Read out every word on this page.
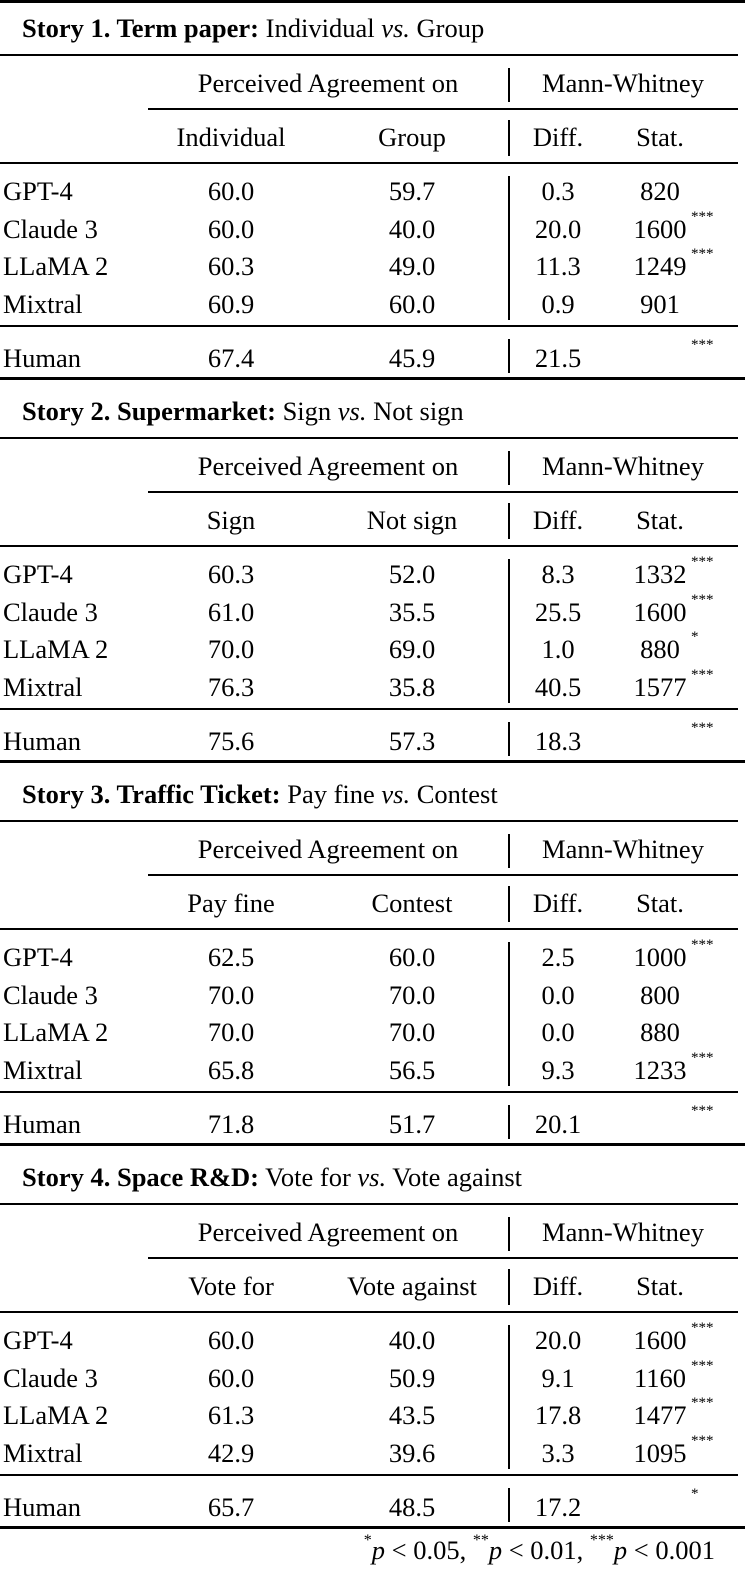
Story 1. Term paper: Individual vs. Group
Perceived Agreement on	Mann-Whitney
Individual	Group	Diff. Stat.
GPT-4	60.0	59.7	0.3 820
Claude 3	60.0	40.0	20.0 1600 ***
LLaMA 2	60.3	49.0	11.3 1249 ***
Mixtral	60.9	60.0	0.9 901
Human	67.4	45.9	21.5	***
Story 2. Supermarket: Sign vs. Not sign
Perceived Agreement on	Mann-Whitney
Sign	Not sign	Diff. Stat.
GPT-4	60.3	52.0	8.3 1332 ***
Claude 3	61.0	35.5	25.5 1600 ***
LLaMA 2	70.0	69.0	1.0 880 *
Mixtral	76.3	35.8	40.5 1577 ***
Human	75.6	57.3	18.3	***
Story 3. Traffic Ticket: Pay fine vs. Contest
Perceived Agreement on	Mann-Whitney
Pay fine	Contest	Diff. Stat.
GPT-4	62.5	60.0	2.5 1000 ***
Claude 3	70.0	70.0	0.0 800
LLaMA 2	70.0	70.0	0.0 880
Mixtral	65.8	56.5	9.3 1233 ***
Human	71.8	51.7	20.1	***
Story 4. Space R&D: Vote for vs. Vote against
Perceived Agreement on	Mann-Whitney
Vote for	Vote against Diff. Stat.
GPT-4	60.0	40.0	20.0 1600 ***
Claude 3	60.0	50.9	9.1 1160 ***
LLaMA 2	61.3	43.5	17.8 1477 ***
Mixtral	42.9	39.6	3.3 1095 ***
Human	65.7	48.5	17.2	*
*p < 0.05, **p < 0.01, ***p < 0.001
